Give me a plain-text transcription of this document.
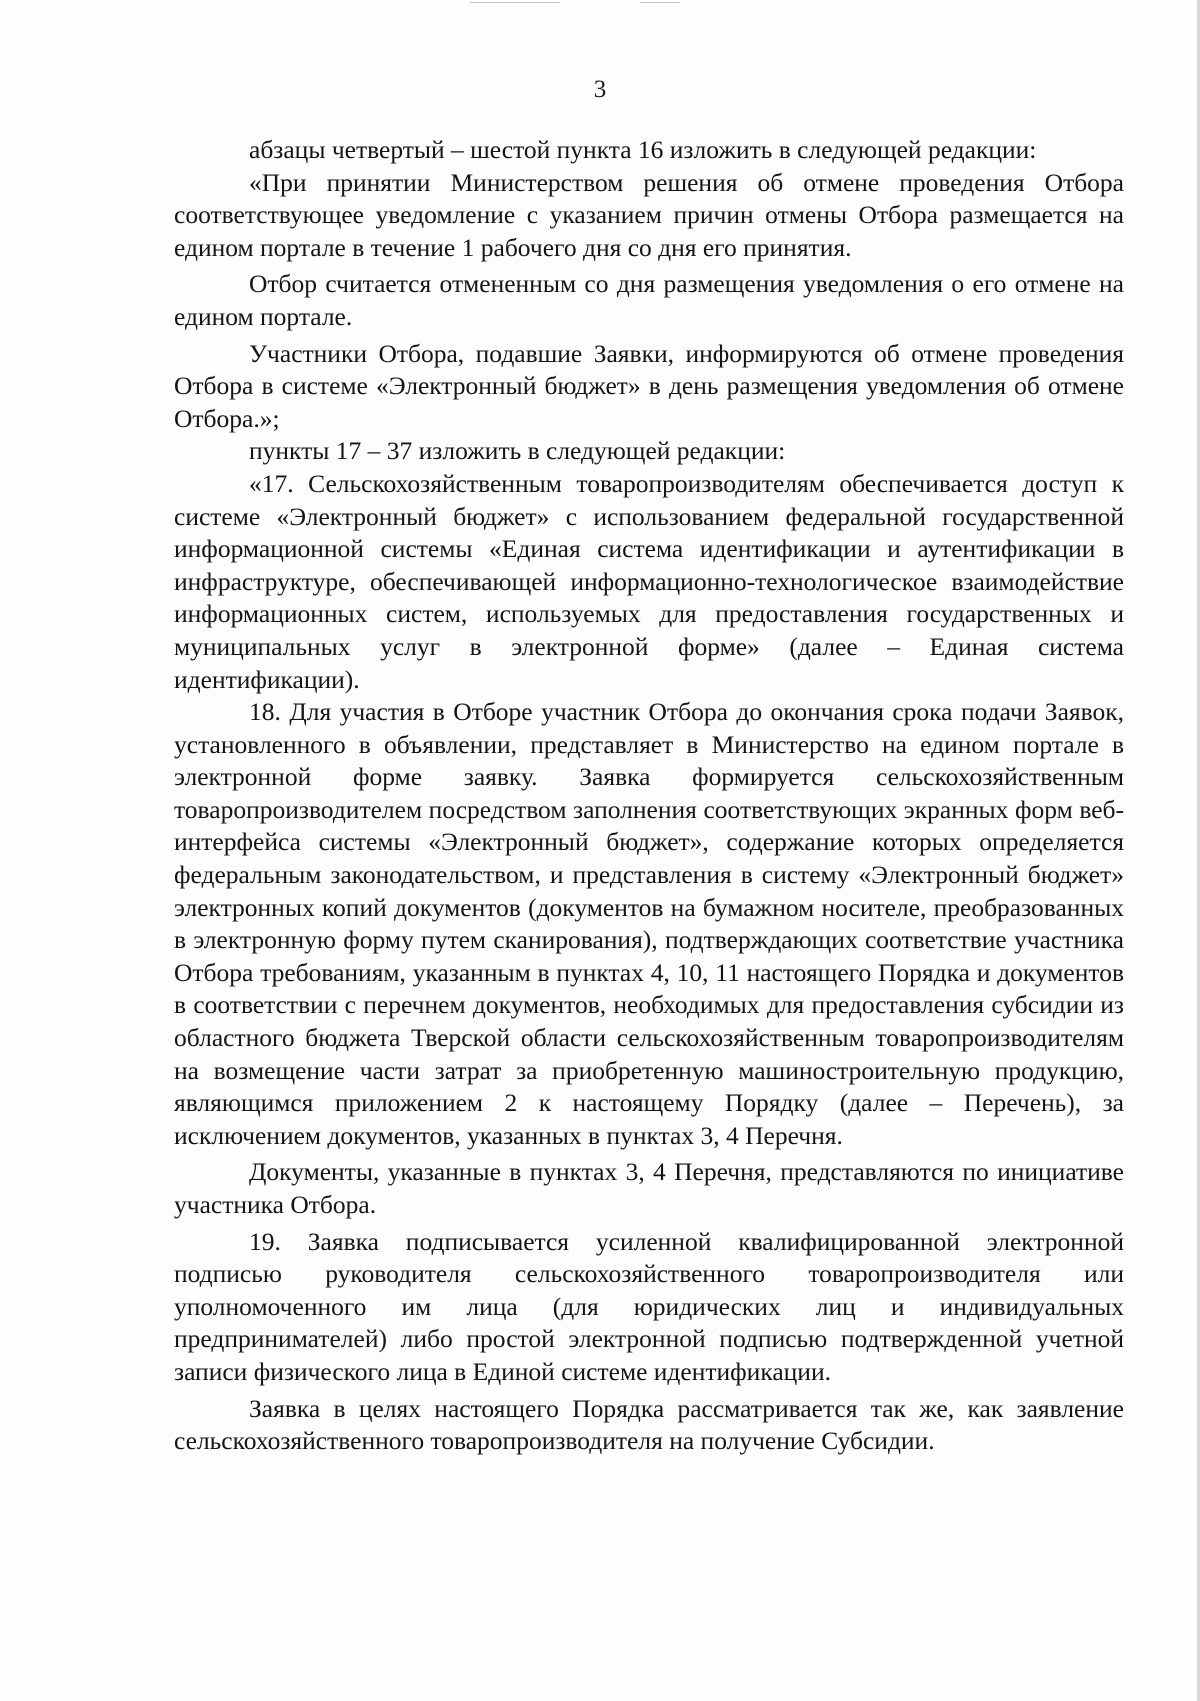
3

абзацы четвертый – шестой пункта 16 изложить в следующей редакции:

«При принятии Министерством решения об отмене проведения Отбора соответствующее уведомление с указанием причин отмены Отбора размещается на едином портале в течение 1 рабочего дня со дня его принятия.

Отбор считается отмененным со дня размещения уведомления о его отмене на едином портале.

Участники Отбора, подавшие Заявки, информируются об отмене проведения Отбора в системе «Электронный бюджет» в день размещения уведомления об отмене Отбора.»;

пункты 17 – 37 изложить в следующей редакции:

«17. Сельскохозяйственным товаропроизводителям обеспечивается доступ к системе «Электронный бюджет» с использованием федеральной государственной информационной системы «Единая система идентификации и аутентификации в инфраструктуре, обеспечивающей информационно-технологическое взаимодействие информационных систем, используемых для предоставления государственных и муниципальных услуг в электронной форме» (далее – Единая система идентификации).

18. Для участия в Отборе участник Отбора до окончания срока подачи Заявок, установленного в объявлении, представляет в Министерство на едином портале в электронной форме заявку. Заявка формируется сельскохозяйственным товаропроизводителем посредством заполнения соответствующих экранных форм веб-интерфейса системы «Электронный бюджет», содержание которых определяется федеральным законодательством, и представления в систему «Электронный бюджет» электронных копий документов (документов на бумажном носителе, преобразованных в электронную форму путем сканирования), подтверждающих соответствие участника Отбора требованиям, указанным в пунктах 4, 10, 11 настоящего Порядка и документов в соответствии с перечнем документов, необходимых для предоставления субсидии из областного бюджета Тверской области сельскохозяйственным товаропроизводителям на возмещение части затрат за приобретенную машиностроительную продукцию, являющимся приложением 2 к настоящему Порядку (далее – Перечень), за исключением документов, указанных в пунктах 3, 4 Перечня.

Документы, указанные в пунктах 3, 4 Перечня, представляются по инициативе участника Отбора.

19. Заявка подписывается усиленной квалифицированной электронной подписью руководителя сельскохозяйственного товаропроизводителя или уполномоченного им лица (для юридических лиц и индивидуальных предпринимателей) либо простой электронной подписью подтвержденной учетной записи физического лица в Единой системе идентификации.

Заявка в целях настоящего Порядка рассматривается так же, как заявление сельскохозяйственного товаропроизводителя на получение Субсидии.
